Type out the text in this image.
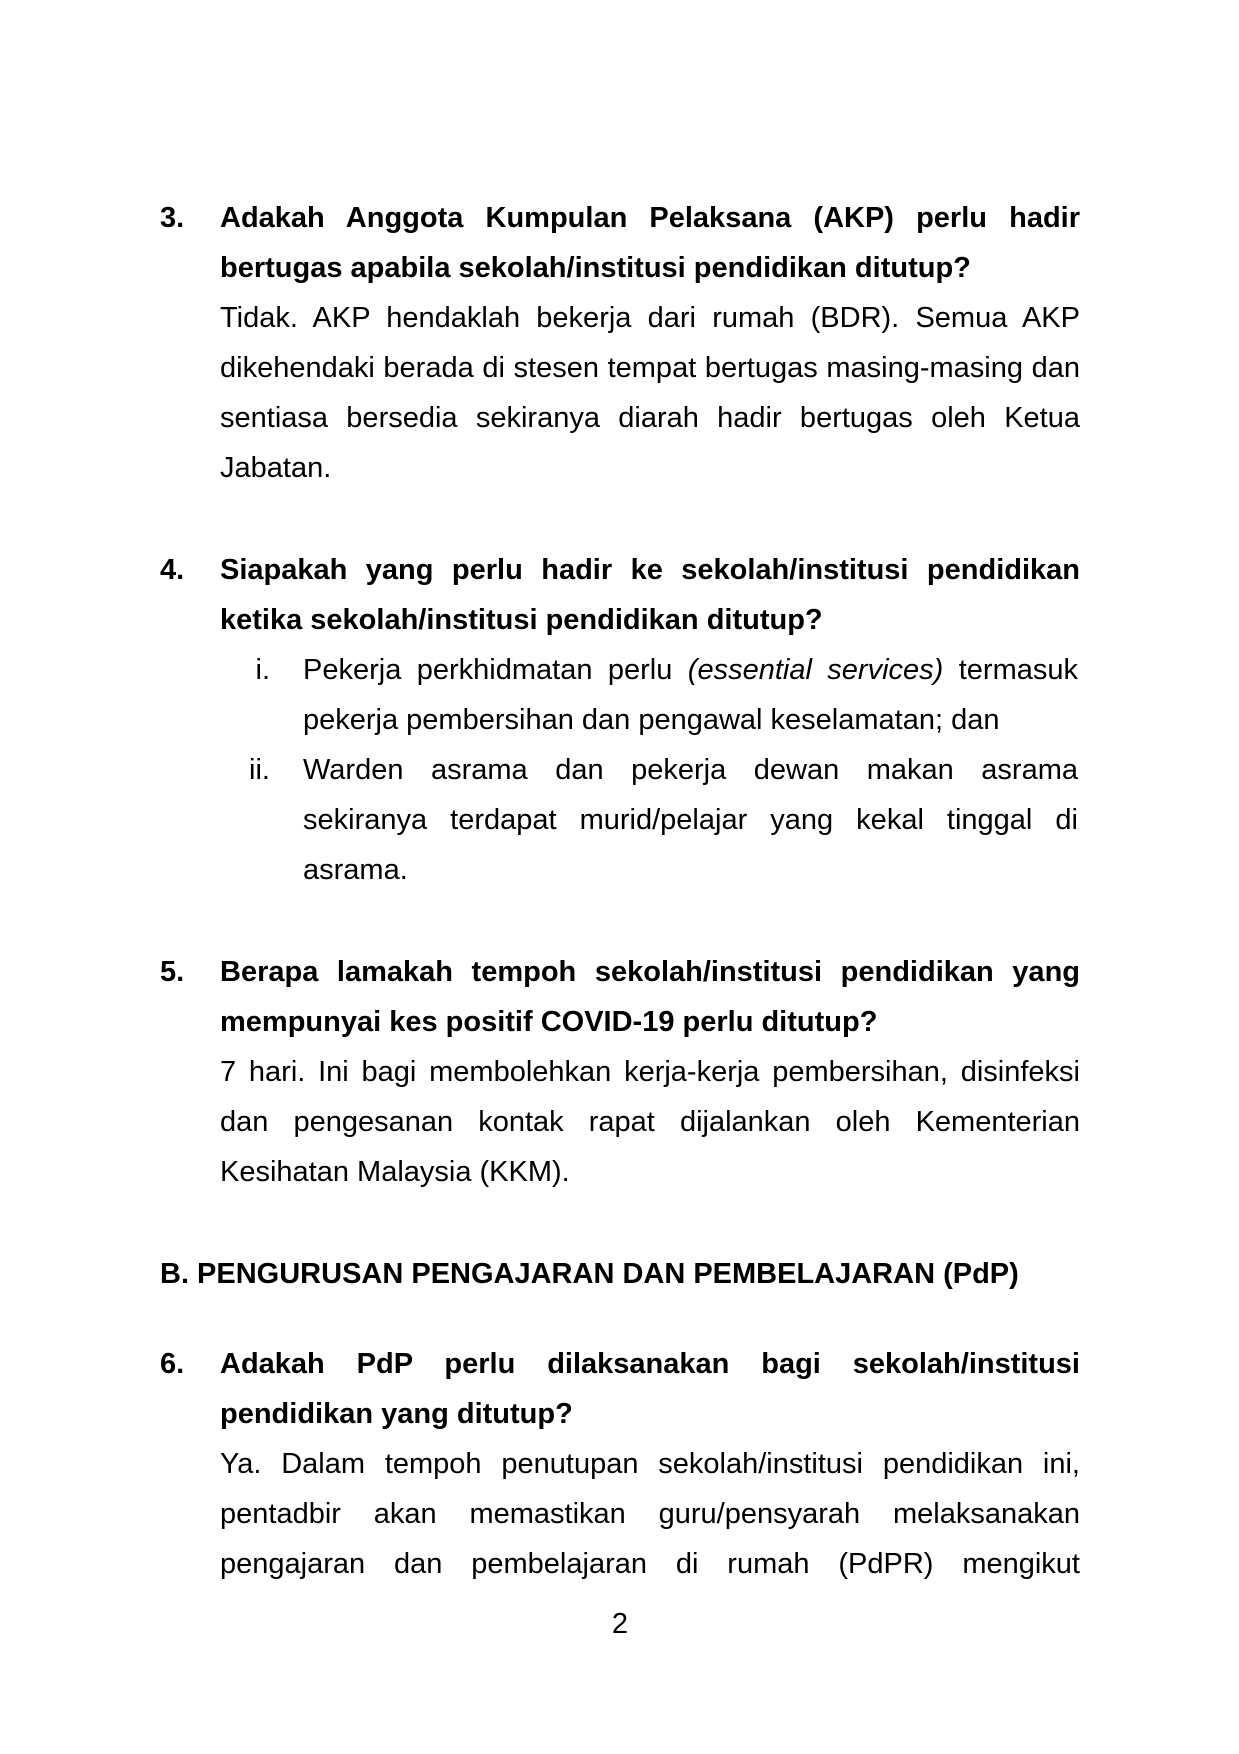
3.	Adakah Anggota Kumpulan Pelaksana (AKP) perlu hadir bertugas apabila sekolah/institusi pendidikan ditutup?

Tidak. AKP hendaklah bekerja dari rumah (BDR). Semua AKP dikehendaki berada di stesen tempat bertugas masing-masing dan sentiasa bersedia sekiranya diarah hadir bertugas oleh Ketua Jabatan.

4.	Siapakah yang perlu hadir ke sekolah/institusi pendidikan ketika sekolah/institusi pendidikan ditutup?

i. Pekerja perkhidmatan perlu (essential services) termasuk pekerja pembersihan dan pengawal keselamatan; dan

ii. Warden asrama dan pekerja dewan makan asrama sekiranya terdapat murid/pelajar yang kekal tinggal di asrama.

5.	Berapa lamakah tempoh sekolah/institusi pendidikan yang mempunyai kes positif COVID-19 perlu ditutup?

7 hari. Ini bagi membolehkan kerja-kerja pembersihan, disinfeksi dan pengesanan kontak rapat dijalankan oleh Kementerian Kesihatan Malaysia (KKM).

B. PENGURUSAN PENGAJARAN DAN PEMBELAJARAN (PdP)
6.	Adakah PdP perlu dilaksanakan bagi sekolah/institusi pendidikan yang ditutup?

Ya. Dalam tempoh penutupan sekolah/institusi pendidikan ini, pentadbir akan memastikan guru/pensyarah melaksanakan pengajaran dan pembelajaran di rumah (PdPR) mengikut

2
